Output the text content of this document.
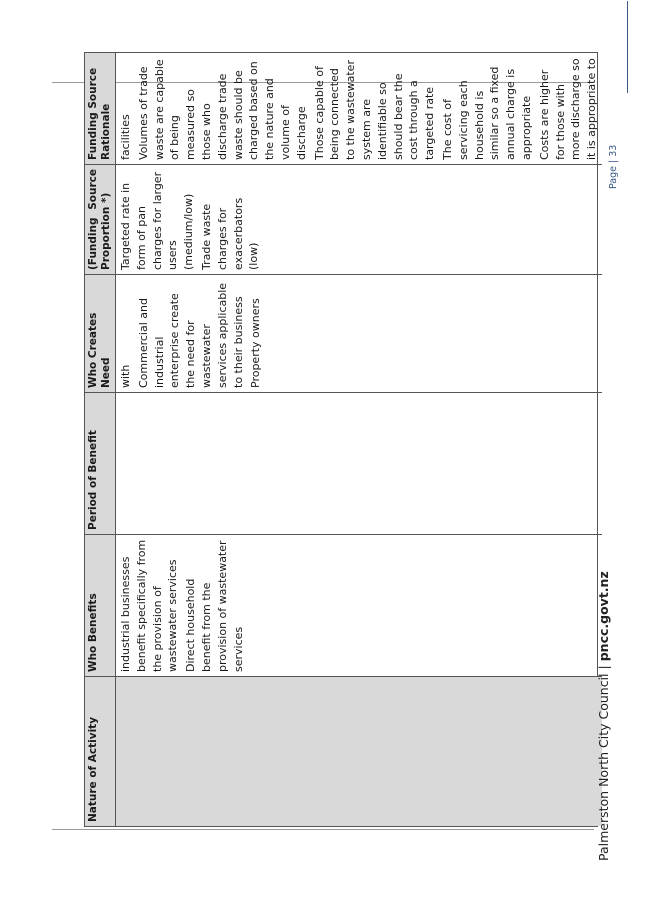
Nature of Activity
Who Benefits
Period of Benefit
Who Creates Need
(Funding
Source
Proportion *)
Funding Source Rationale

industrial businesses benefit specifically from the provision of wastewater services Direct household benefit from the provision of wastewater services

with Commercial and industrial enterprise create the need for wastewater services applicable to their business Property owners

Targeted rate in form of pan charges for larger users (medium/low) Trade waste charges for exacerbators (low)

facilities Volumes of trade waste are capable of being measured so those who discharge trade waste should be charged based on the nature and volume of discharge Those capable of being connected to the wastewater system are identifiable so should bear the cost through a targeted rate The cost of servicing each household is similar so a fixed annual charge is appropriate Costs are higher for those with more discharge so it is appropriate to

Page | 33
Palmerston North City Council | pncc.govt.nz
